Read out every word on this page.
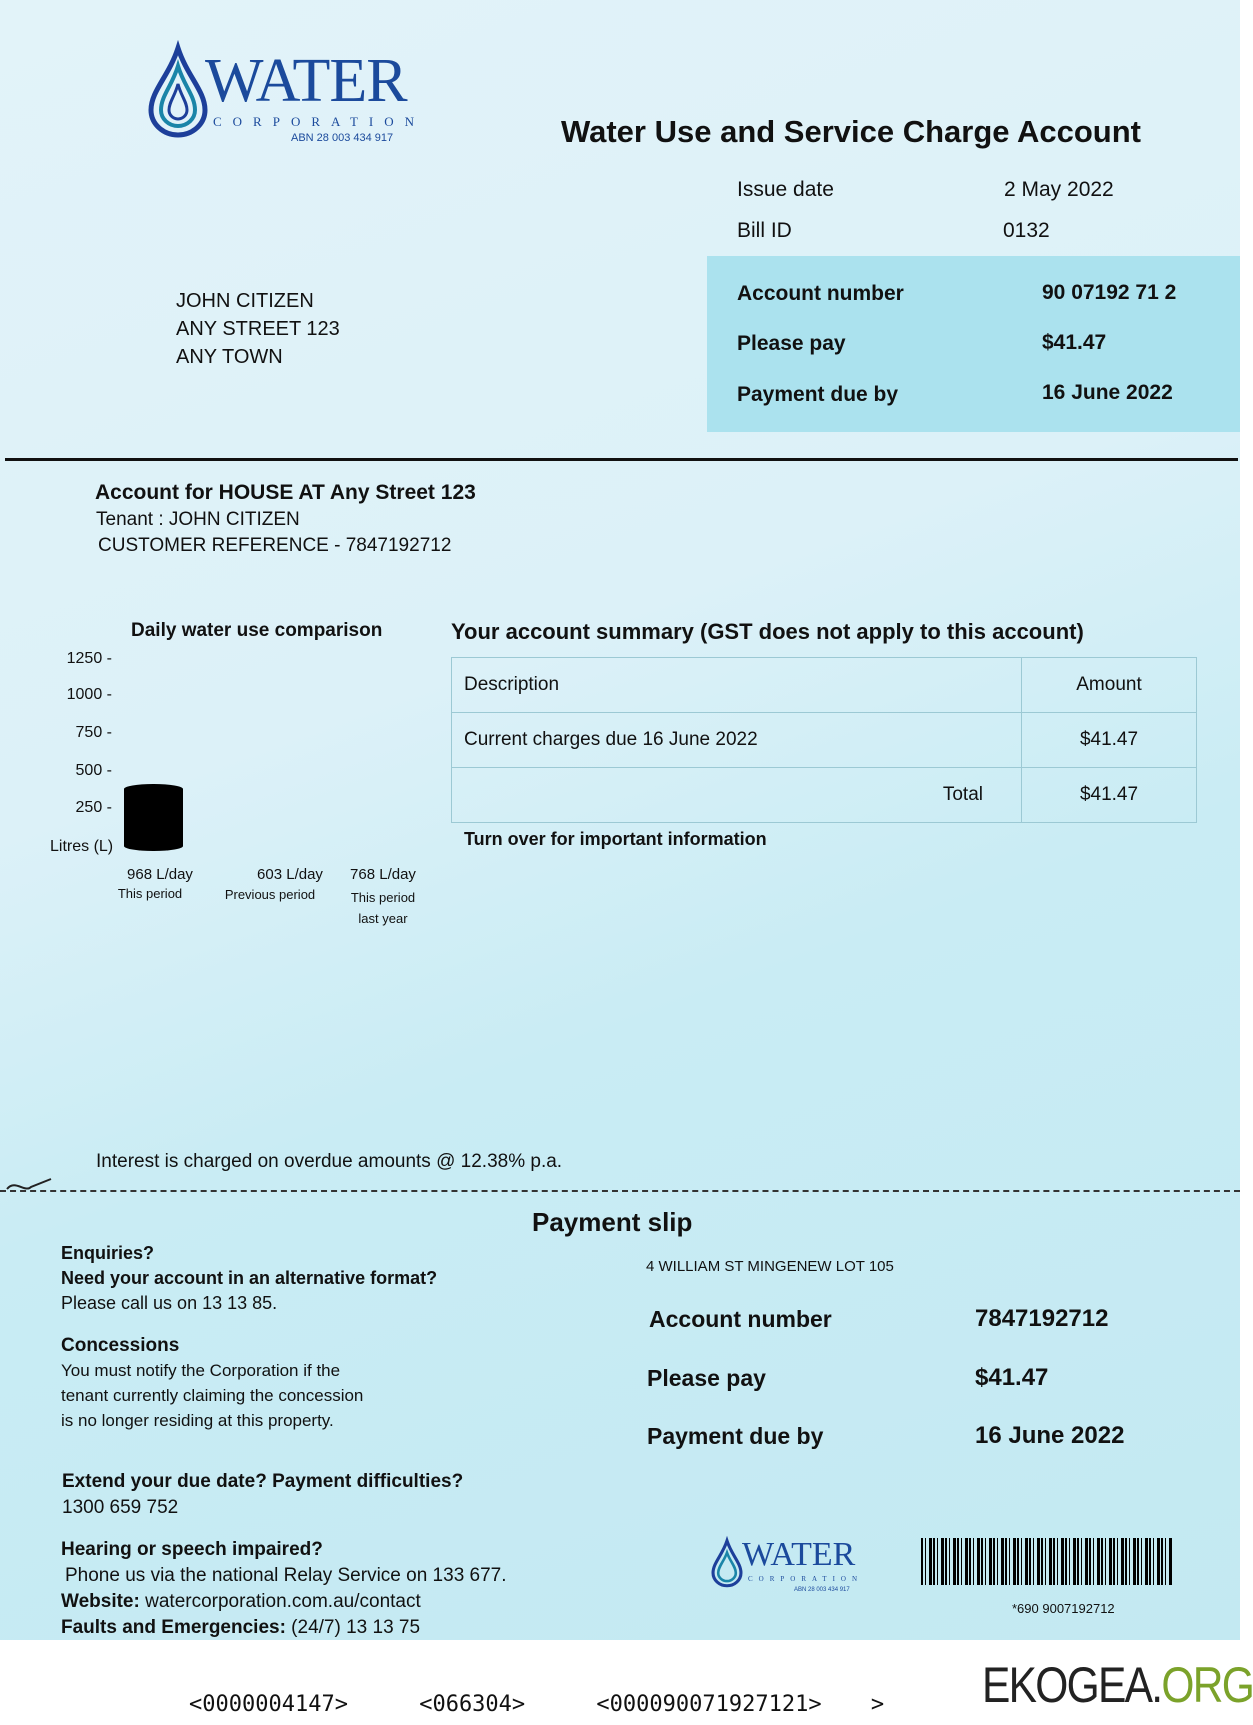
WATER
CORPORATION
ABN 28 003 434 917	Water Use and Service Charge Account
Issue date	2 May 2022
Bill ID	0132
Account number	90 07192 71 2
Please pay	$41.47
Payment due by	16 June 2022
JOHN CITIZEN
ANY STREET 123
ANY TOWN
Account for HOUSE AT Any Street 123
Tenant : JOHN CITIZEN
CUSTOMER REFERENCE - 7847192712
Daily water use comparison
1250 -
1000 -
750 -
500 -
250 -
Litres (L)
968 L/day
This period
603 L/day
Previous period
768 L/day
This period last year
Your account summary (GST does not apply to this account)
Description	Amount
Current charges due 16 June 2022	$41.47
Total	$41.47
Turn over for important information
Interest is charged on overdue amounts @ 12.38% p.a.
Payment slip
4 WILLIAM ST MINGENEW LOT 105
Account number	7847192712
Please pay	$41.47
Payment due by	16 June 2022
Enquiries?
Need your account in an alternative format?
Please call us on 13 13 85.
Concessions
You must notify the Corporation if the
tenant currently claiming the concession
is no longer residing at this property.
Extend your due date? Payment difficulties?
1300 659 752
Hearing or speech impaired?
Phone us via the national Relay Service on 133 677.
Website: watercorporation.com.au/contact
Faults and Emergencies: (24/7) 13 13 75
WATER
CORPORATION
ABN 28 003 434 917
*690 9007192712
<0000004147>	<066304>	<000090071927121> > EKOGEA.ORG
